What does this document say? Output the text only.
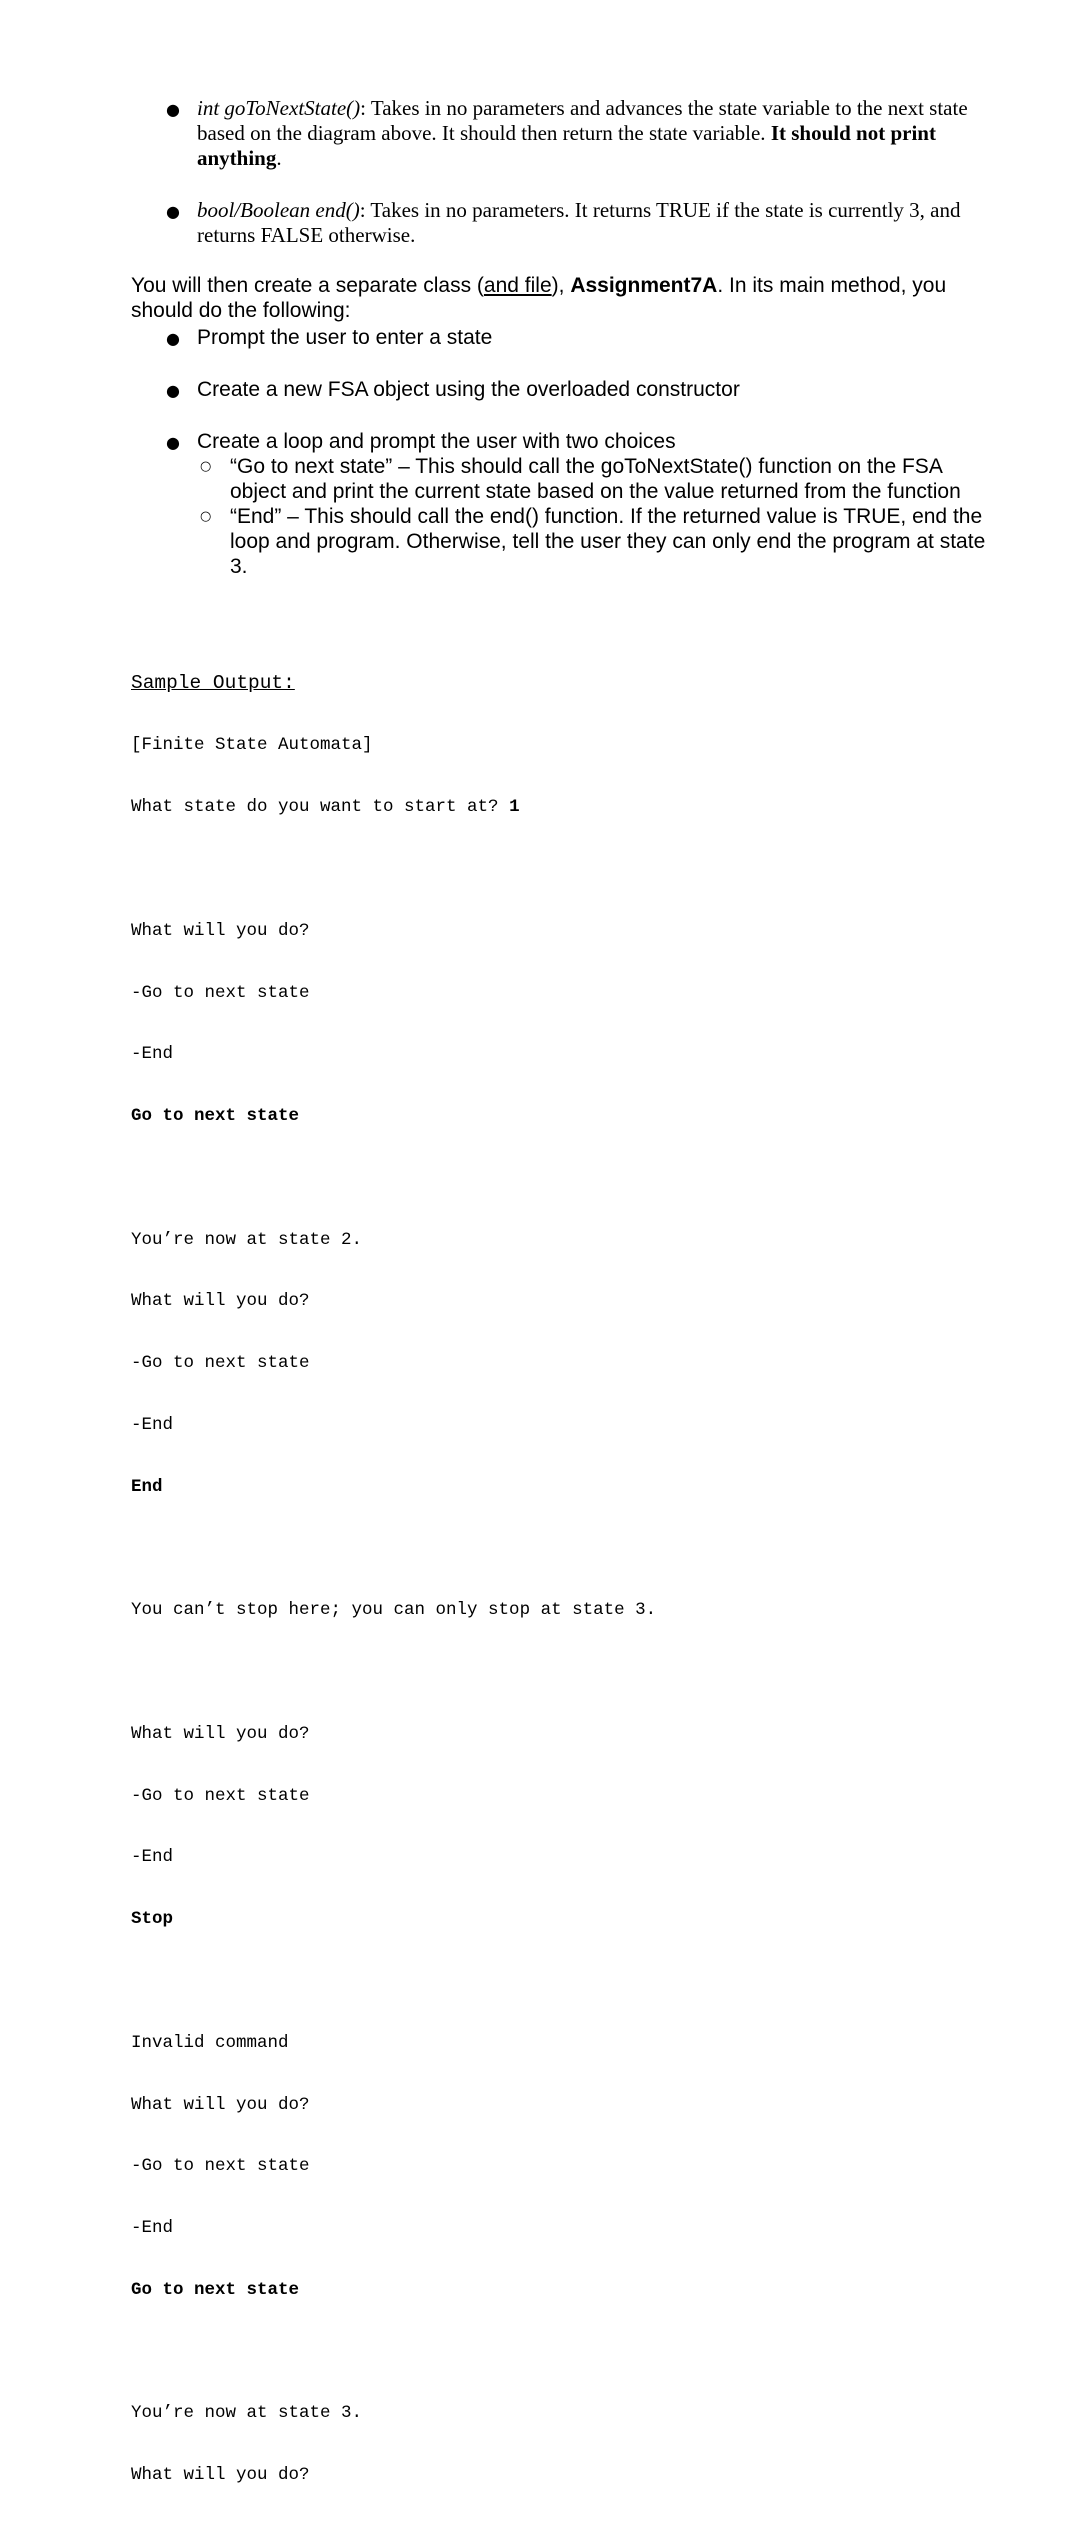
● int goToNextState(): Takes in no parameters and advances the state variable to the next state based on the diagram above. It should then return the state variable. It should not print anything.
● bool/Boolean end(): Takes in no parameters. It returns TRUE if the state is currently 3, and returns FALSE otherwise.

You will then create a separate class (and file), Assignment7A. In its main method, you should do the following:

● Prompt the user to enter a state
● Create a new FSA object using the overloaded constructor
● Create a loop and prompt the user with two choices
○ “Go to next state” – This should call the goToNextState() function on the FSA object and print the current state based on the value returned from the function
○ “End” – This should call the end() function. If the returned value is TRUE, end the loop and program. Otherwise, tell the user they can only end the program at state 3.

Sample Output:

[Finite State Automata]

What state do you want to start at? 1

What will you do?

-Go to next state

-End

Go to next state

You’re now at state 2.

What will you do?

-Go to next state

-End

End

You can’t stop here; you can only stop at state 3.

What will you do?

-Go to next state

-End

Stop

Invalid command

What will you do?

-Go to next state

-End

Go to next state

You’re now at state 3.

What will you do?
